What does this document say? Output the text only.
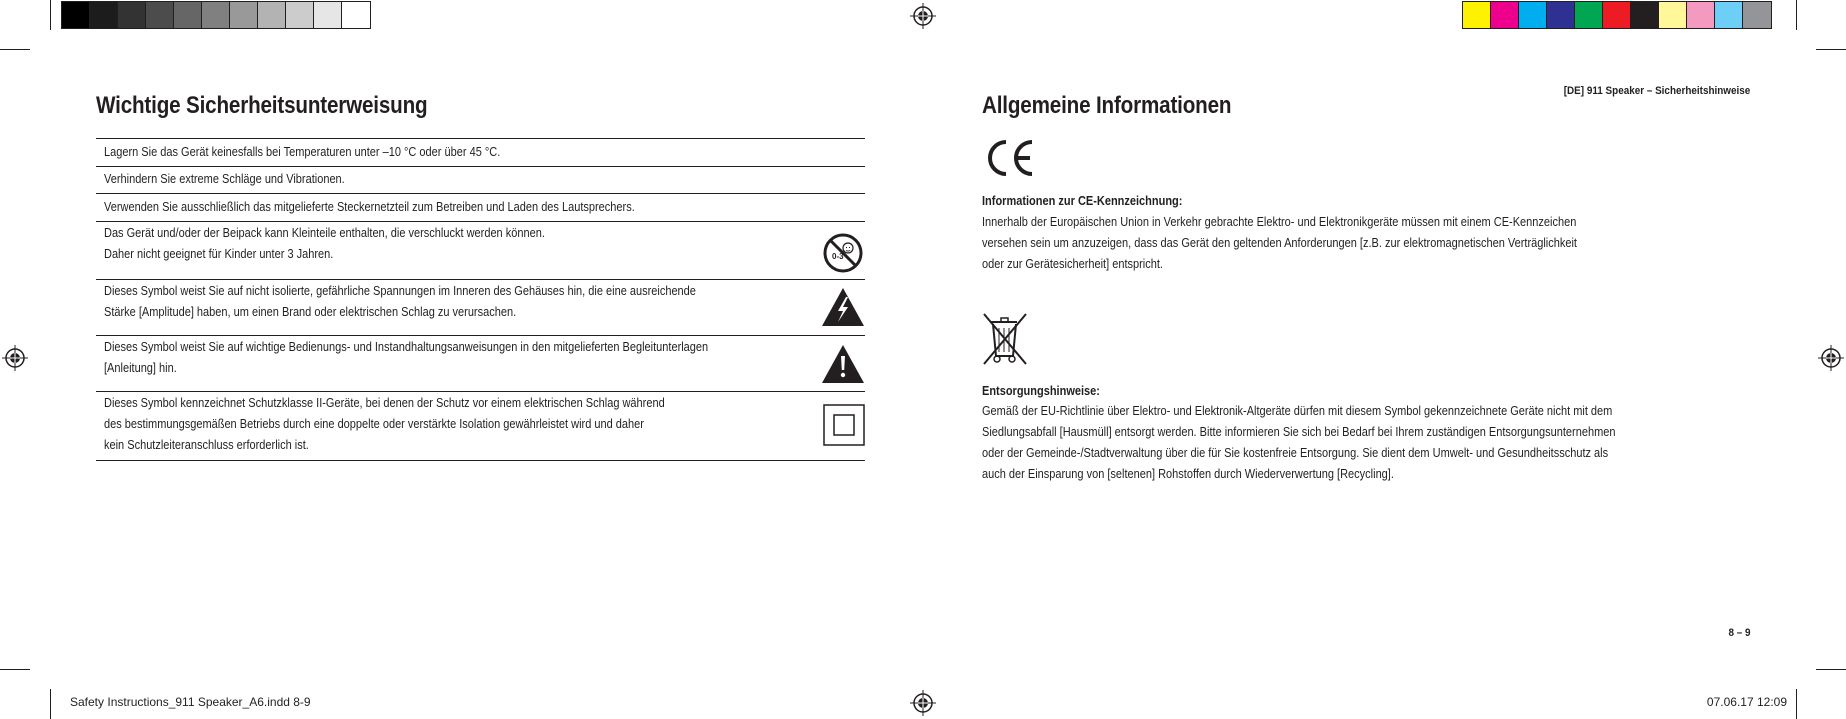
Wichtige Sicherheitsunterweisung
Lagern Sie das Gerät keinesfalls bei Temperaturen unter –10 °C oder über 45 °C.
Verhindern Sie extreme Schläge und Vibrationen.
Verwenden Sie ausschließlich das mitgelieferte Steckernetzteil zum Betreiben und Laden des Lautsprechers.
Das Gerät und/oder der Beipack kann Kleinteile enthalten, die verschluckt werden können.
Daher nicht geeignet für Kinder unter 3 Jahren.	0-3
Dieses Symbol weist Sie auf nicht isolierte, gefährliche Spannungen im Inneren des Gehäuses hin, die eine ausreichende
Stärke [Amplitude] haben, um einen Brand oder elektrischen Schlag zu verursachen.
Dieses Symbol weist Sie auf wichtige Bedienungs- und Instandhaltungsanweisungen in den mitgelieferten Begleitunterlagen
[Anleitung] hin.
Dieses Symbol kennzeichnet Schutzklasse II-Geräte, bei denen der Schutz vor einem elektrischen Schlag während
des bestimmungsgemäßen Betriebs durch eine doppelte oder verstärkte Isolation gewährleistet wird und daher
kein Schutzleiteranschluss erforderlich ist.
[DE] 911 Speaker – Sicherheitshinweise
Allgemeine Informationen
Informationen zur CE-Kennzeichnung:
Innerhalb der Europäischen Union in Verkehr gebrachte Elektro- und Elektronikgeräte müssen mit einem CE-Kennzeichen
versehen sein um anzuzeigen, dass das Gerät den geltenden Anforderungen [z.B. zur elektromagnetischen Verträglichkeit
oder zur Gerätesicherheit] entspricht.
Entsorgungshinweise:
Gemäß der EU-Richtlinie über Elektro- und Elektronik-Altgeräte dürfen mit diesem Symbol gekennzeichnete Geräte nicht mit dem
Siedlungsabfall [Hausmüll] entsorgt werden. Bitte informieren Sie sich bei Bedarf bei Ihrem zuständigen Entsorgungsunternehmen
oder der Gemeinde-/Stadtverwaltung über die für Sie kostenfreie Entsorgung. Sie dient dem Umwelt- und Gesundheitsschutz als
auch der Einsparung von [seltenen] Rohstoffen durch Wiederverwertung [Recycling].
8 – 9
Safety Instructions_911 Speaker_A6.indd 8-9	07.06.17 12:09
